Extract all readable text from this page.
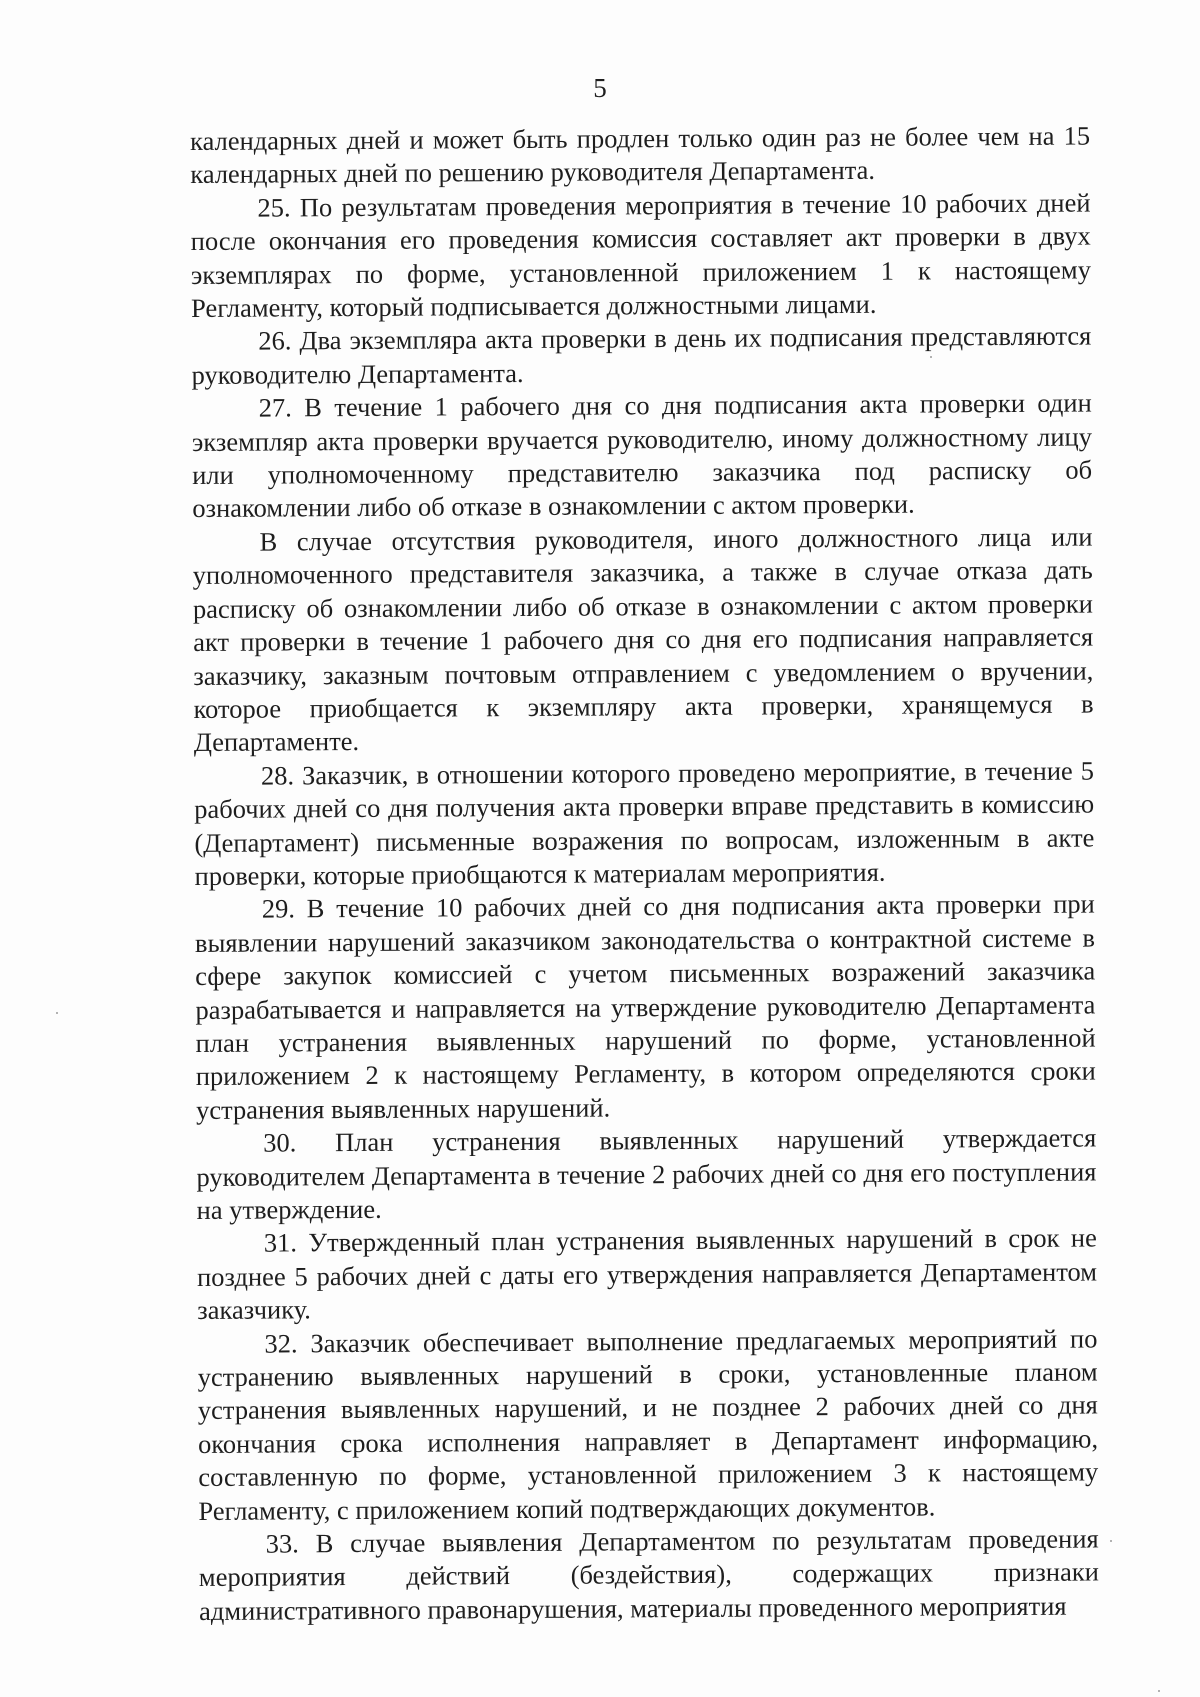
5

календарных дней и может быть продлен только один раз не более чем на 15 календарных дней по решению руководителя Департамента.

25. По результатам проведения мероприятия в течение 10 рабочих дней после окончания его проведения комиссия составляет акт проверки в двух экземплярах по форме, установленной приложением 1 к настоящему Регламенту, который подписывается должностными лицами.

26. Два экземпляра акта проверки в день их подписания представляются руководителю Департамента.

27. В течение 1 рабочего дня со дня подписания акта проверки один экземпляр акта проверки вручается руководителю, иному должностному лицу или уполномоченному представителю заказчика под расписку об ознакомлении либо об отказе в ознакомлении с актом проверки.

В случае отсутствия руководителя, иного должностного лица или уполномоченного представителя заказчика, а также в случае отказа дать расписку об ознакомлении либо об отказе в ознакомлении с актом проверки акт проверки в течение 1 рабочего дня со дня его подписания направляется заказчику, заказным почтовым отправлением с уведомлением о вручении, которое приобщается к экземпляру акта проверки, хранящемуся в Департаменте.

28. Заказчик, в отношении которого проведено мероприятие, в течение 5 рабочих дней со дня получения акта проверки вправе представить в комиссию (Департамент) письменные возражения по вопросам, изложенным в акте проверки, которые приобщаются к материалам мероприятия.

29. В течение 10 рабочих дней со дня подписания акта проверки при выявлении нарушений заказчиком законодательства о контрактной системе в сфере закупок комиссией с учетом письменных возражений заказчика разрабатывается и направляется на утверждение руководителю Департамента план устранения выявленных нарушений по форме, установленной приложением 2 к настоящему Регламенту, в котором определяются сроки устранения выявленных нарушений.

30. План устранения выявленных нарушений утверждается руководителем Департамента в течение 2 рабочих дней со дня его поступления на утверждение.

31. Утвержденный план устранения выявленных нарушений в срок не позднее 5 рабочих дней с даты его утверждения направляется Департаментом заказчику.

32. Заказчик обеспечивает выполнение предлагаемых мероприятий по устранению выявленных нарушений в сроки, установленные планом устранения выявленных нарушений, и не позднее 2 рабочих дней со дня окончания срока исполнения направляет в Департамент информацию, составленную по форме, установленной приложением 3 к настоящему Регламенту, с приложением копий подтверждающих документов.

33. В случае выявления Департаментом по результатам проведения мероприятия действий (бездействия), содержащих признаки административного правонарушения, материалы проведенного мероприятия
